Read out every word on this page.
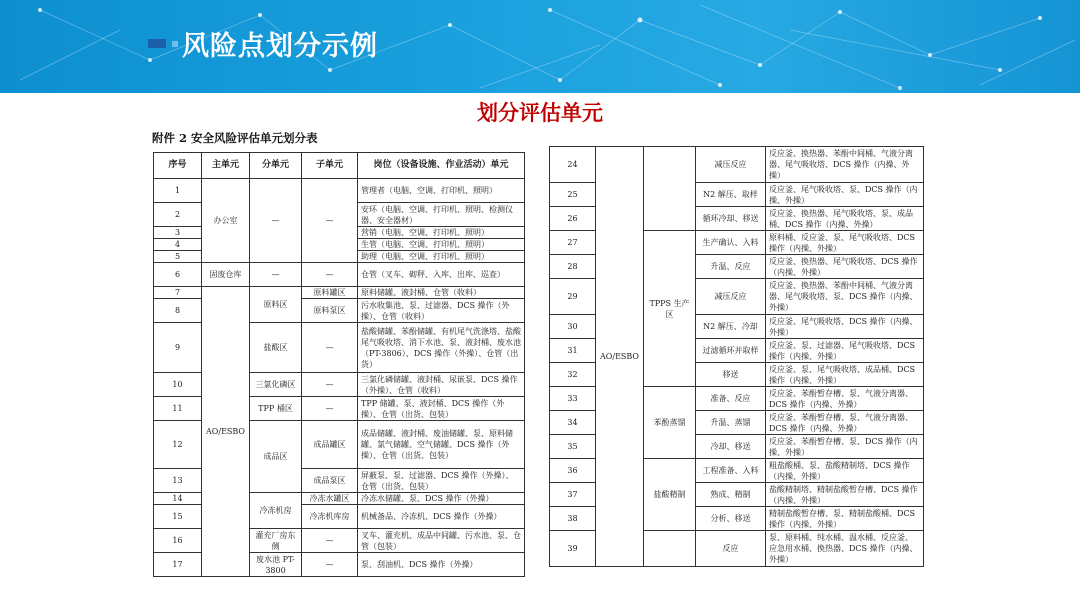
风险点划分示例
划分评估单元
附件 2 安全风险评估单元划分表
序号	主单元	分单元	子单元	岗位（设备设施、作业活动）单元
1	办公室	—	—	管理者（电脑、空调、打印机、照明）
2				安环（电脑、空调、打印机、照明、检测仪器、安全器材）
3				营销（电脑、空调、打印机、照明）
4				生管（电脑、空调、打印机、照明）
5				助理（电脑、空调、打印机、照明）
6	固废仓库	—	—	仓管（叉车、砌秤、入库、出库、巡查）
7	AO/ESBO	原料区	原料罐区	原料储罐、液封桶、仓管（收料）
8			原料泵区	污水收集池、泵、过滤器、DCS 操作（外操）、仓管（收料）
9		盐酸区	—	盐酸储罐、苯酚储罐、有机尾气洗涤塔、盐酸尾气吸收塔、消下水池、泵、液封桶、废水池（PT-3806）、DCS 操作（外操）、仓管（出货）
10		三氯化磷区	—	三氯化磷储罐、液封桶、尿嵌泵、DCS 操作（外操）、仓管（收料）
11		TPP 桶区	—	TPP 储罐、泵、液封桶、DCS 操作（外操）、仓管（出货、包装）
12		成品区	成品罐区	成品储罐、液封桶、废油储罐、泵、原料储罐、氯气储罐、空气储罐、DCS 操作（外操）、仓管（出货、包装）
13			成品泵区	屏蔽泵、泵、过滤器、DCS 操作（外操）、仓管（出货、包装）
14		冷冻机房	冷冻水罐区	冷冻水储罐、泵、DCS 操作（外操）
15			冷冻机库房	机械备品、冷冻机、DCS 操作（外操）
16		灌充厂房东侧	—	叉车、灌充机、成品中间罐、污水池、泵、仓管（包装）
17		废水池 PT-3800	—	泵、刮油机、DCS 操作（外操）
24	AO/ESBO		减压反应	反应釜、换热器、苯酚中间桶、气液分离器、尾气吸收塔、DCS 操作（内操、外操）
25			N2 解压、取样	反应釜、尾气吸收塔、泵、DCS 操作（内操、外操）
26			循环冷却、移送	反应釜、换热器、尾气吸收塔、泵、成品桶、DCS 操作（内操、外操）
27		TPPS 生产区	生产确认、入料	原料桶、反应釜、泵、尾气吸收塔、DCS 操作（内操、外操）
28			升温、反应	反应釜、换热器、尾气吸收塔、DCS 操作（内操、外操）
29			减压反应	反应釜、换热器、苯酚中间桶、气液分离器、尾气吸收塔、泵、DCS 操作（内操、外操）
30			N2 解压、冷却	反应釜、尾气吸收塔、DCS 操作（内操、外操）
31			过滤循环并取样	反应釜、泵、过滤器、尾气吸收塔、DCS 操作（内操、外操）
32			移送	反应釜、泵、尾气吸收塔、成品桶、DCS 操作（内操、外操）
33		苯酚蒸馏	准备、反应	反应釜、苯酚暂存槽、泵、气液分离器、DCS 操作（内操、外操）
34			升温、蒸馏	反应釜、苯酚暂存槽、泵、气液分离器、DCS 操作（内操、外操）
35			冷却、移送	反应釜、苯酚暂存槽、泵、DCS 操作（内操、外操）
36		盐酸精制	工程准备、入料	粗盐酸桶、泵、盐酸精制塔、DCS 操作（内操、外操）
37			熟成、精制	盐酸精制塔、精制盐酸暂存槽、DCS 操作（内操、外操）
38			分析、移送	精制盐酸暂存槽、泵、精制盐酸桶、DCS 操作（内操、外操）
39			反应	泵、原料桶、纯水桶、温水桶、反应釜、应急用水桶、换热器、DCS 操作（内操、外操）
